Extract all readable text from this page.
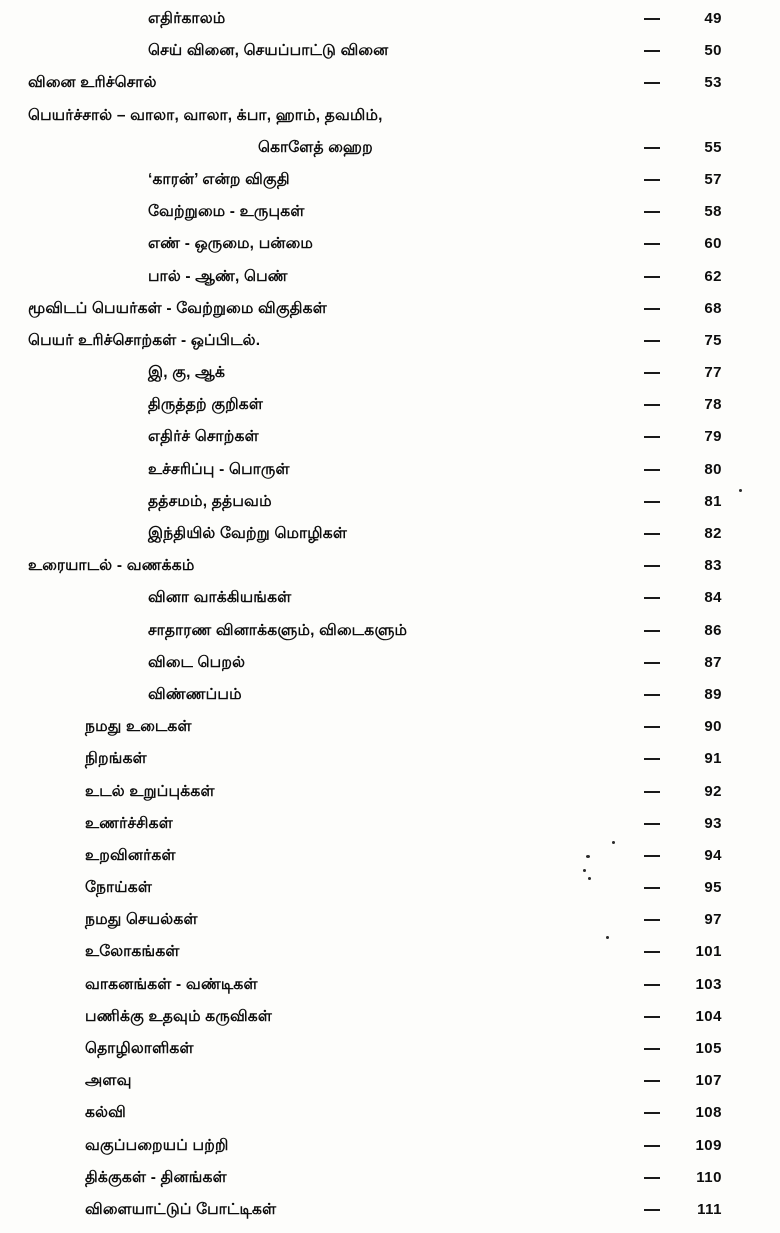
எதிர்காலம்	49
செய் வினை, செயப்பாட்டு வினை	50
வினை உரிச்சொல்	53
பெயர்ச்சால் – வாலா, வாலா, க்பா, ஹாம், தவமிம்,
கொளேத் ஹைற	55
‘காரன்’ என்ற விகுதி	57
வேற்றுமை - உருபுகள்	58
எண் - ஒருமை, பன்மை	60
பால் - ஆண், பெண்	62
மூவிடப் பெயர்கள் - வேற்றுமை விகுதிகள்	68
பெயர் உரிச்சொற்கள் - ஒப்பிடல்.	75
இ, கு, ஆக்	77
திருத்தற் குறிகள்	78
எதிர்ச் சொற்கள்	79
உச்சரிப்பு - பொருள்	80
தத்சமம், தத்பவம்	81
இந்தியில் வேற்று மொழிகள்	82
உரையாடல் - வணக்கம்	83
வினா வாக்கியங்கள்	84
சாதாரண வினாக்களும், விடைகளும்	86
விடை பெறல்	87
விண்ணப்பம்	89
நமது உடைகள்	90
நிறங்கள்	91
உடல் உறுப்புக்கள்	92
உணர்ச்சிகள்	93
உறவினர்கள்	94
நோய்கள்	95
நமது செயல்கள்	97
உலோகங்கள்	101
வாகனங்கள் - வண்டிகள்	103
பணிக்கு உதவும் கருவிகள்	104
தொழிலாளிகள்	105
அளவு	107
கல்வி	108
வகுப்பறையப் பற்றி	109
திக்குகள் - தினங்கள்	110
விளையாட்டுப் போட்டிகள்	111
